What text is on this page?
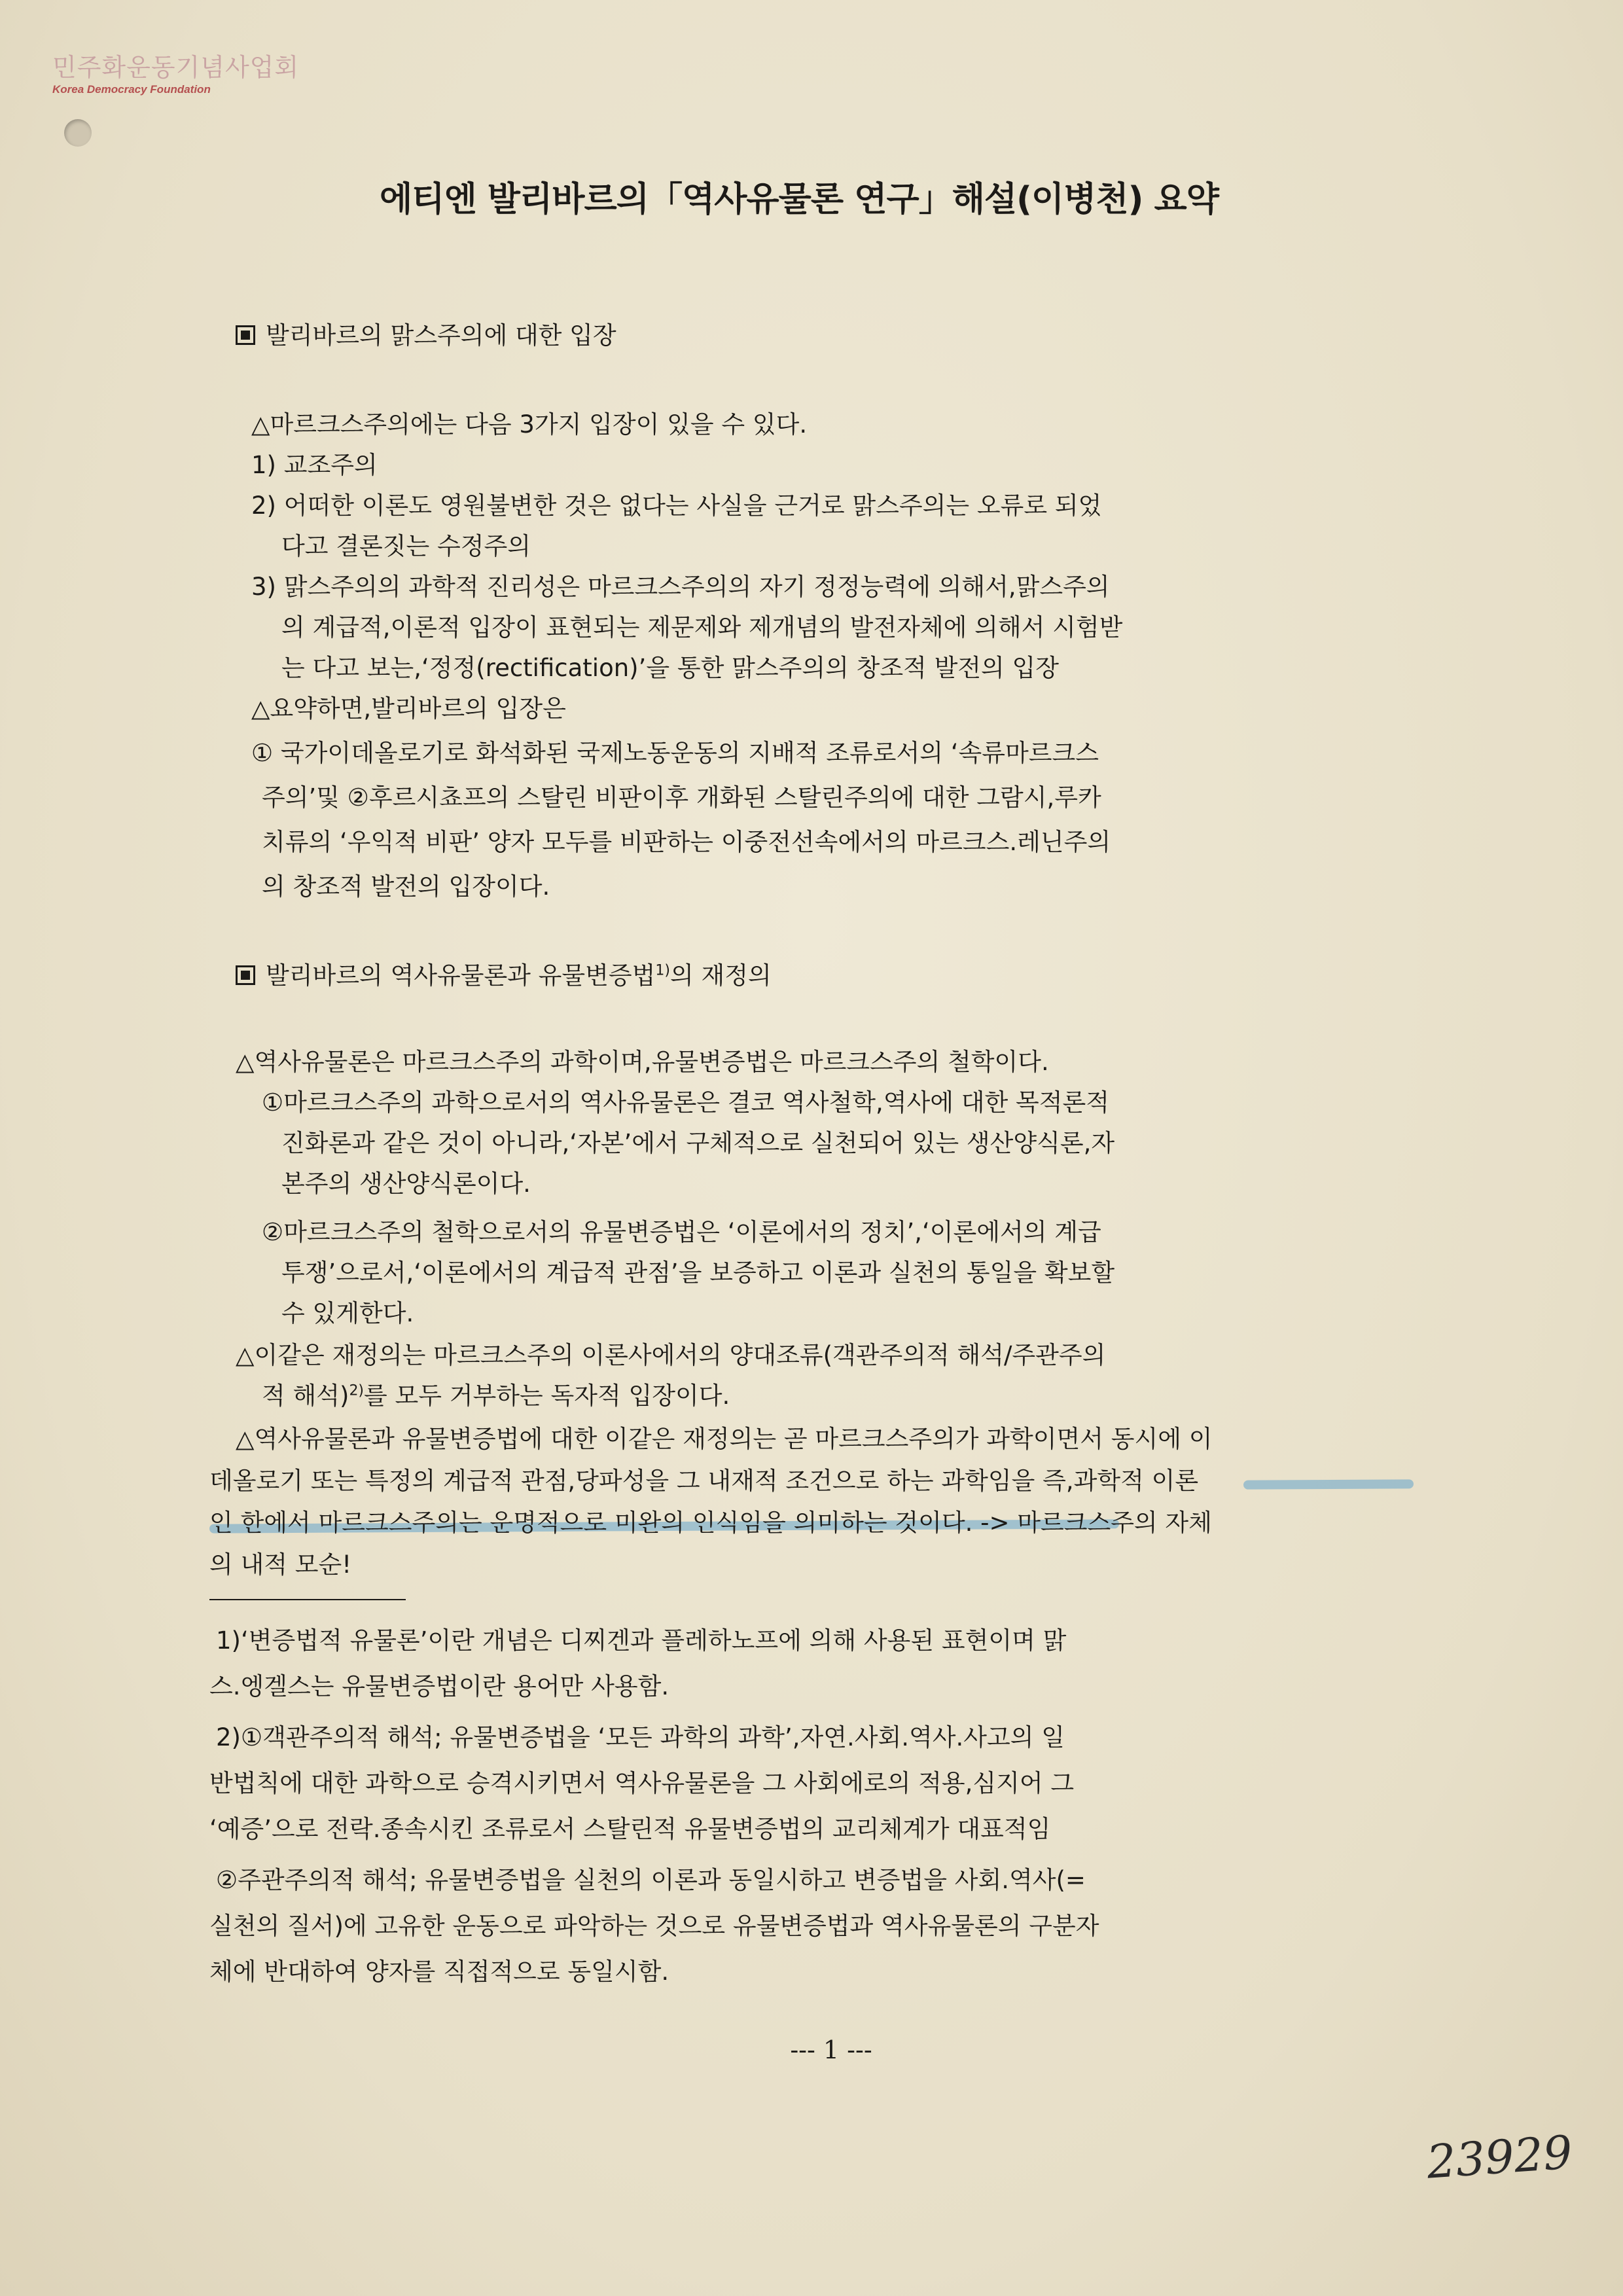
민주화운동기념사업회
Korea Democracy Foundation
에티엔 발리바르의「역사유물론 연구」해설(이병천) 요약
발리바르의 맑스주의에 대한 입장
△마르크스주의에는 다음 3가지 입장이 있을 수 있다.
1) 교조주의
2) 어떠한 이론도 영원불변한 것은 없다는 사실을 근거로 맑스주의는 오류로 되었
다고 결론짓는 수정주의
3) 맑스주의의 과학적 진리성은 마르크스주의의 자기 정정능력에 의해서,맑스주의
의 계급적,이론적 입장이 표현되는 제문제와 제개념의 발전자체에 의해서 시험받
는 다고 보는,‘정정(rectification)’을 통한 맑스주의의 창조적 발전의 입장
△요약하면,발리바르의 입장은
① 국가이데올로기로 화석화된 국제노동운동의 지배적 조류로서의 ‘속류마르크스
주의’및 ②후르시쵸프의 스탈린 비판이후 개화된 스탈린주의에 대한 그람시,루카
치류의 ‘우익적 비판’ 양자 모두를 비판하는 이중전선속에서의 마르크스.레닌주의
의 창조적 발전의 입장이다.
발리바르의 역사유물론과 유물변증법$^{1)}$의 재정의
△역사유물론은 마르크스주의 과학이며,유물변증법은 마르크스주의 철학이다.
①마르크스주의 과학으로서의 역사유물론은 결코 역사철학,역사에 대한 목적론적
진화론과 같은 것이 아니라,‘자본’에서 구체적으로 실천되어 있는 생산양식론,자
본주의 생산양식론이다.
②마르크스주의 철학으로서의 유물변증법은 ‘이론에서의 정치’,‘이론에서의 계급
투쟁’으로서,‘이론에서의 계급적 관점’을 보증하고 이론과 실천의 통일을 확보할
수 있게한다.
△이같은 재정의는 마르크스주의 이론사에서의 양대조류(객관주의적 해석/주관주의
적 해석)$^{2)}$를 모두 거부하는 독자적 입장이다.
△역사유물론과 유물변증법에 대한 이같은 재정의는 곧 마르크스주의가 과학이면서 동시에 이
데올로기 또는 특정의 계급적 관점,당파성을 그 내재적 조건으로 하는 과학임을 즉,과학적 이론
인 한에서 마르크스주의는 운명적으로 미완의 인식임을 의미하는 것이다. -> 마르크스주의 자체
의 내적 모순!
1)‘변증법적 유물론’이란 개념은 디찌겐과 플레하노프에 의해 사용된 표현이며 맑
스.엥겔스는 유물변증법이란 용어만 사용함.
2)①객관주의적 해석; 유물변증법을 ‘모든 과학의 과학’,자연.사회.역사.사고의 일
반법칙에 대한 과학으로 승격시키면서 역사유물론을 그 사회에로의 적용,심지어 그
‘예증’으로 전락.종속시킨 조류로서 스탈린적 유물변증법의 교리체계가 대표적임
②주관주의적 해석; 유물변증법을 실천의 이론과 동일시하고 변증법을 사회.역사(=
실천의 질서)에 고유한 운동으로 파악하는 것으로 유물변증법과 역사유물론의 구분자
체에 반대하여 양자를 직접적으로 동일시함.
--- 1 ---
23929
